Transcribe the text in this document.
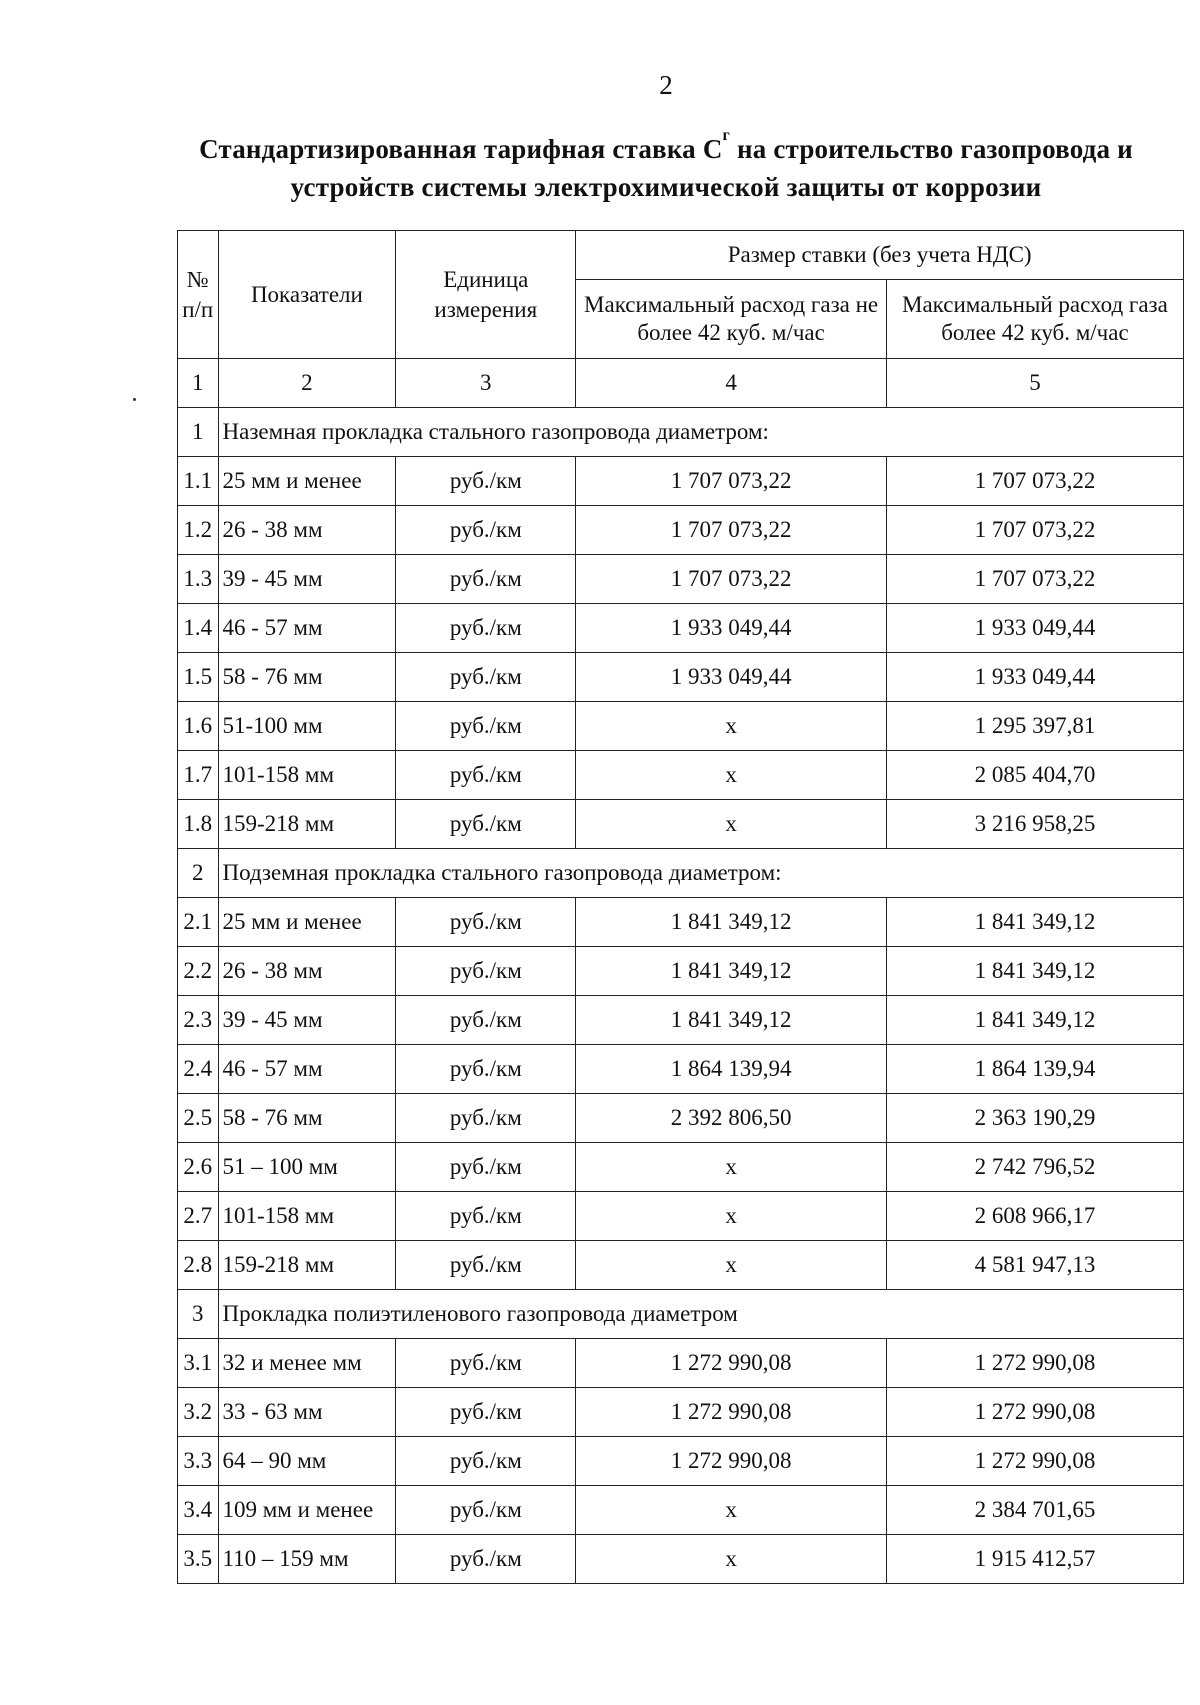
2
Стандартизированная тарифная ставка $С^г$ на строительство газопровода и
устройств системы электрохимической защиты от коррозии
№ п/п	Показатели	Единица измерения	Размер ставки (без учета НДС)	
			Максимальный расход газа не более 42 куб. м/час	Максимальный расход газа более 42 куб. м/час
1	2	3	4	5
1	Наземная прокладка стального газопровода диаметром:			
1.1	25 мм и менее	руб./км	1 707 073,22	1 707 073,22
1.2	26 - 38 мм	руб./км	1 707 073,22	1 707 073,22
1.3	39 - 45 мм	руб./км	1 707 073,22	1 707 073,22
1.4	46 - 57 мм	руб./км	1 933 049,44	1 933 049,44
1.5	58 - 76 мм	руб./км	1 933 049,44	1 933 049,44
1.6	51-100 мм	руб./км	х	1 295 397,81
1.7	101-158 мм	руб./км	х	2 085 404,70
1.8	159-218 мм	руб./км	х	3 216 958,25
2	Подземная прокладка стального газопровода диаметром:			
2.1	25 мм и менее	руб./км	1 841 349,12	1 841 349,12
2.2	26 - 38 мм	руб./км	1 841 349,12	1 841 349,12
2.3	39 - 45 мм	руб./км	1 841 349,12	1 841 349,12
2.4	46 - 57 мм	руб./км	1 864 139,94	1 864 139,94
2.5	58 - 76 мм	руб./км	2 392 806,50	2 363 190,29
2.6	51 – 100 мм	руб./км	х	2 742 796,52
2.7	101-158 мм	руб./км	х	2 608 966,17
2.8	159-218 мм	руб./км	х	4 581 947,13
3	Прокладка полиэтиленового газопровода диаметром			
3.1	32 и менее мм	руб./км	1 272 990,08	1 272 990,08
3.2	33 - 63 мм	руб./км	1 272 990,08	1 272 990,08
3.3	64 – 90 мм	руб./км	1 272 990,08	1 272 990,08
3.4	109 мм и менее	руб./км	х	2 384 701,65
3.5	110 – 159 мм	руб./км	х	1 915 412,57
